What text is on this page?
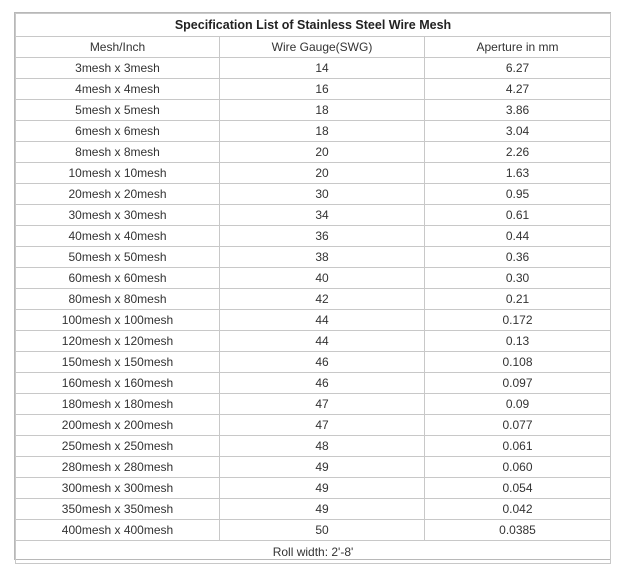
Specification List of Stainless Steel Wire Mesh		
Mesh/Inch	Wire Gauge(SWG)	Aperture in mm
3mesh x 3mesh	14	6.27
4mesh x 4mesh	16	4.27
5mesh x 5mesh	18	3.86
6mesh x 6mesh	18	3.04
8mesh x 8mesh	20	2.26
10mesh x 10mesh	20	1.63
20mesh x 20mesh	30	0.95
30mesh x 30mesh	34	0.61
40mesh x 40mesh	36	0.44
50mesh x 50mesh	38	0.36
60mesh x 60mesh	40	0.30
80mesh x 80mesh	42	0.21
100mesh x 100mesh	44	0.172
120mesh x 120mesh	44	0.13
150mesh x 150mesh	46	0.108
160mesh x 160mesh	46	0.097
180mesh x 180mesh	47	0.09
200mesh x 200mesh	47	0.077
250mesh x 250mesh	48	0.061
280mesh x 280mesh	49	0.060
300mesh x 300mesh	49	0.054
350mesh x 350mesh	49	0.042
400mesh x 400mesh	50	0.0385
Roll width: 2'-8'		
